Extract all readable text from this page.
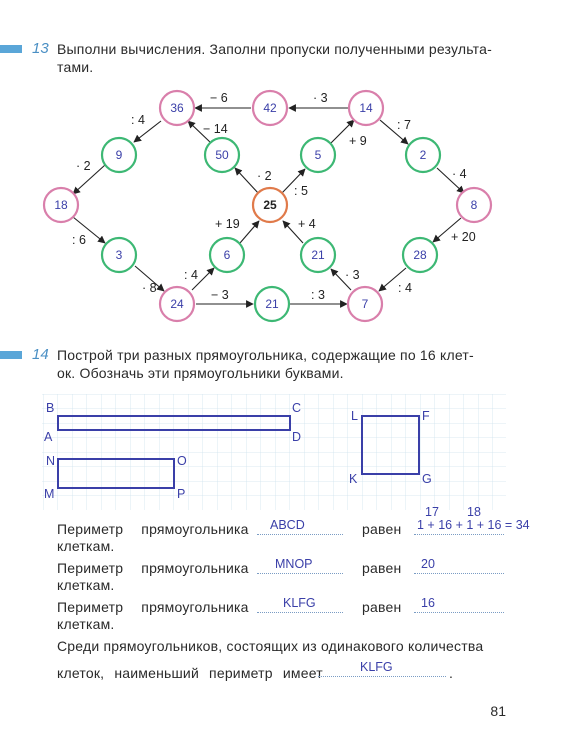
13 Выполни вычисления. Заполни пропуски полученными результа-
тами.
36	42	14
9	50	5	2
18	25	8
3	6	21	28
24	21	7
− 6	· 3
: 4
− 14
+ 9
: 7
· 2
· 2
: 5
· 4
: 6
+ 19	+ 4
+ 20
: 4	· 3
· 8	− 3	: 3	: 4
14 Построй три разных прямоугольника, содержащие по 16 клет-
ок. Обозначь эти прямоугольники буквами.
B	C
A	D
N	O
M	P
L	F
K	G
17 18
Периметр прямоугольника ABCD	равен 1 + 16 + 1 + 16 = 34
клеткам.
Периметр прямоугольника MNOP	равен 20
клеткам.
Периметр прямоугольника	KLFG	равен 16
клеткам.
Среди прямоугольников, состоящих из одинакового количества
клеток, наименьший периметр имеет	KLFG	.
81
